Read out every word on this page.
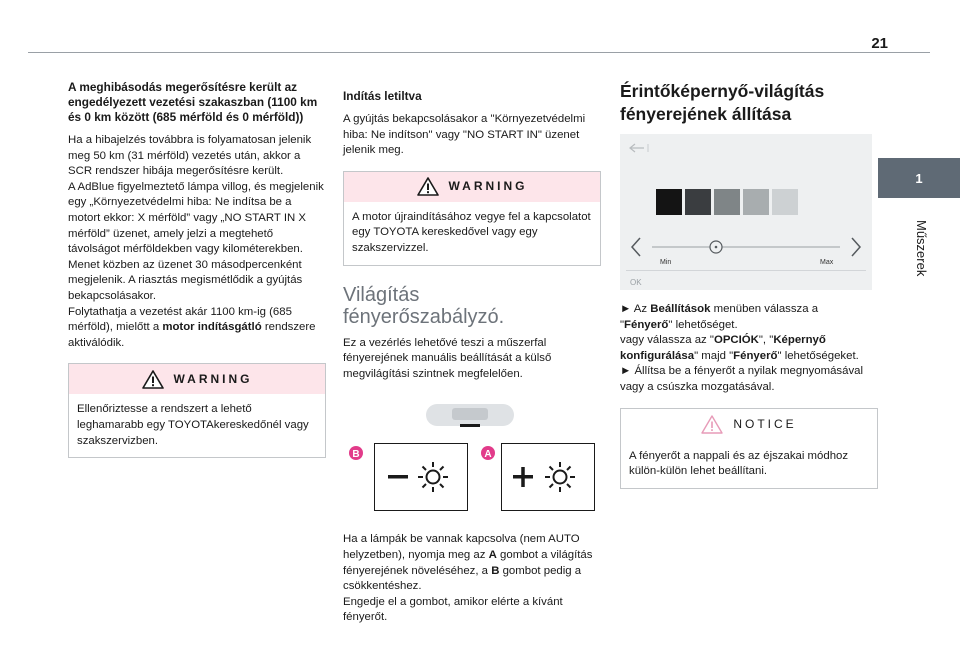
21
1
Műszerek
A meghibásodás megerősítésre került az engedélyezett vezetési szakaszban (1100 km és 0 km között (685 mérföld és 0 mérföld))

Ha a hibajelzés továbbra is folyamatosan jelenik meg 50 km (31 mérföld) vezetés után, akkor a SCR rendszer hibája megerősítésre került.

A AdBlue figyelmeztető lámpa villog, és megjelenik egy „Környezetvédelmi hiba: Ne indítsa be a motort ekkor: X mérföld” vagy „NO START IN X mérföld” üzenet, amely jelzi a megtehető távolságot mérföldekben vagy kilométerekben.

Menet közben az üzenet 30 másodpercenként megjelenik. A riasztás megismétlődik a gyújtás bekapcsolásakor.

Folytathatja a vezetést akár 1100 km-ig (685 mérföld), mielőtt a motor indításgátló rendszere aktiválódik.

WARNING
Ellenőriztesse a rendszert a lehető leghamarabb egy TOYOTAkereskedőnél vagy szakszervizben.
Indítás letiltva

A gyújtás bekapcsolásakor a "Környezetvédelmi hiba: Ne indítson" vagy "NO START IN" üzenet jelenik meg.

WARNING
A motor újraindításához vegye fel a kapcsolatot egy TOYOTA kereskedővel vagy egy szakszervizzel.
Világítás
fényerőszabályzó.

Ez a vezérlés lehetővé teszi a műszerfal fényerejének manuális beállítását a külső megvilágítási szintnek megfelelően.

B	A

Ha a lámpák be vannak kapcsolva (nem AUTO helyzetben), nyomja meg az A gombot a világítás fényerejének növeléséhez, a B gombot pedig a csökkentéshez.

Engedje el a gombot, amikor elérte a kívánt fényerőt.

Érintőképernyő-világítás
fényerejének állítása
Min	Max
OK

► Az Beállítások menüben válassza a

"Fényerő" lehetőséget.

vagy válassza az "OPCIÓK", "Képernyő konfigurálása" majd "Fényerő" lehetőségeket.

► Állítsa be a fényerőt a nyilak megnyomásával vagy a csúszka mozgatásával.

NOTICE
A fényerőt a nappali és az éjszakai módhoz külön-külön lehet beállítani.
